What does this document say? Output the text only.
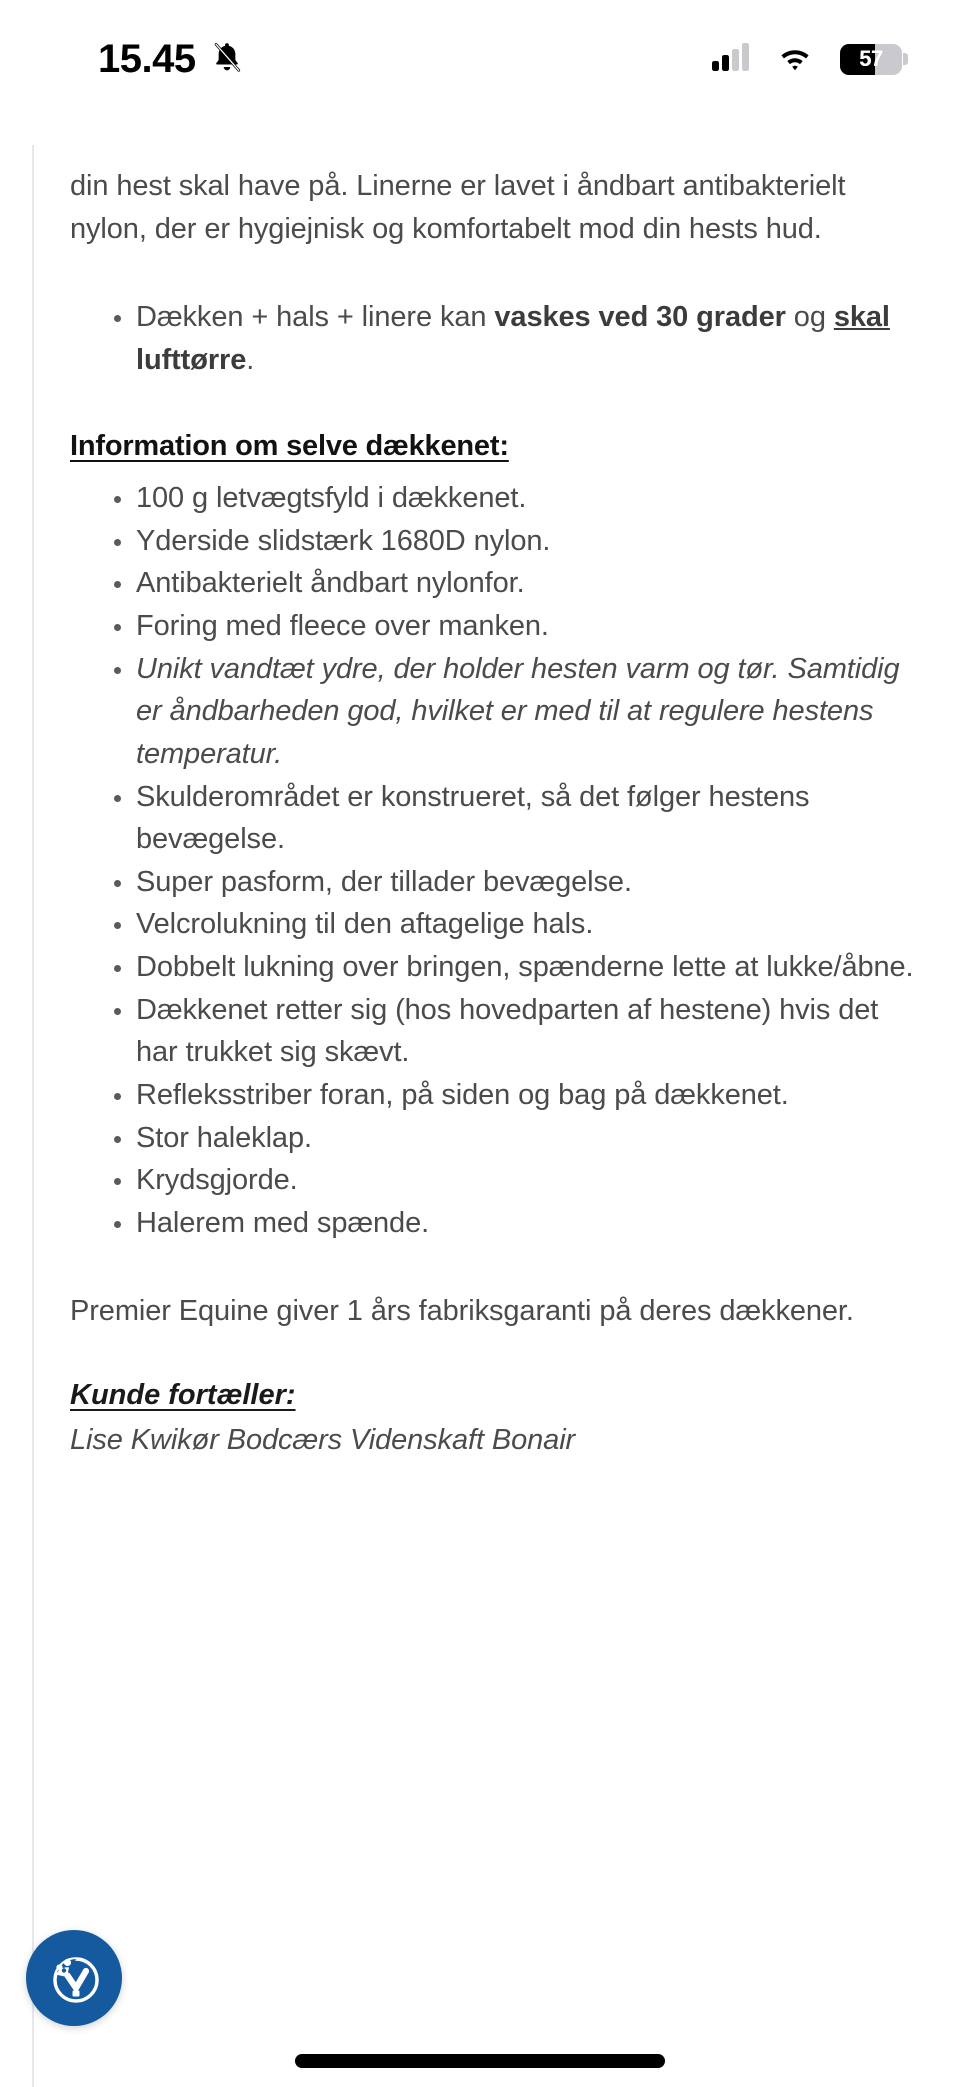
15.45	57

din hest skal have på. Linerne er lavet i åndbart antibakterielt nylon, der er hygiejnisk og komfortabelt mod din hests hud.

Dækken + hals + linere kan vaskes ved 30 grader og skal lufttørre.
Information om selve dækkenet:
100 g letvægtsfyld i dækkenet.
Yderside slidstærk 1680D nylon.
Antibakterielt åndbart nylonfor.
Foring med fleece over manken.
Unikt vandtæt ydre, der holder hesten varm og tør. Samtidig er åndbarheden god, hvilket er med til at regulere hestens temperatur.
Skulderområdet er konstrueret, så det følger hestens bevægelse.
Super pasform, der tillader bevægelse.
Velcrolukning til den aftagelige hals.
Dobbelt lukning over bringen, spænderne lette at lukke/åbne.
Dækkenet retter sig (hos hovedparten af hestene) hvis det har trukket sig skævt.
Refleksstriber foran, på siden og bag på dækkenet.
Stor haleklap.
Krydsgjorde.
Halerem med spænde.

Premier Equine giver 1 års fabriksgaranti på deres dækkener.

Kunde fortæller:
Lise Kwikør Bodcærs Videnskaft Bonair
